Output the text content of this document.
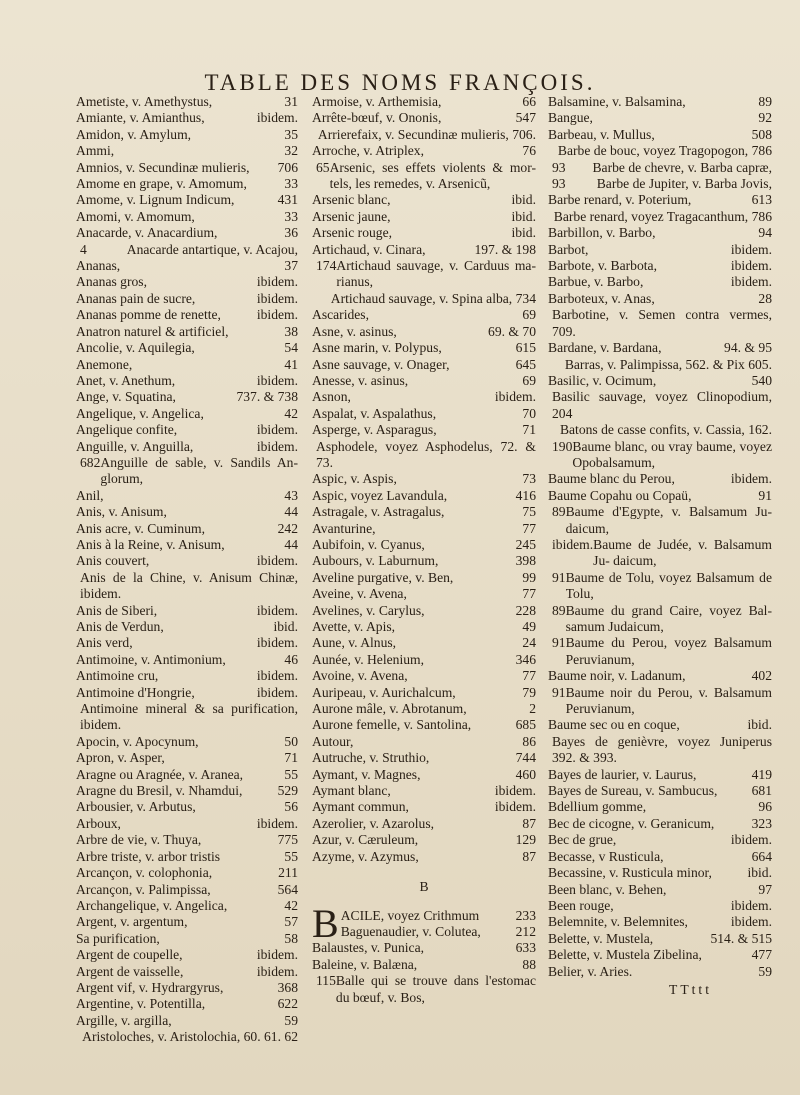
TABLE DES NOMS FRANÇOIS.
Ametiste, v. Amethystus,	31
Amiante, v. Amianthus,	ibidem.
Amidon, v. Amylum,	35
Ammi,	32
Amnios, v. Secundinæ mulieris, 706
Amome en grape, v. Amomum,	33
Amome, v. Lignum Indicum,	431
Amomi, v. Amomum,	33
Anacarde, v. Anacardium,	36
4	Anacarde antartique, v. Acajou,
Ananas,	37
Ananas gros,	ibidem.
Ananas pain de sucre,	ibidem.
Ananas pomme de renette,	ibidem.
Anatron naturel & artificiel,	38
Ancolie, v. Aquilegia,	54
Anemone,	41
Anet, v. Anethum,	ibidem.
Ange, v. Squatina,	737. & 738
Angelique, v. Angelica,	42
Angelique confite,	ibidem.
Anguille, v. Anguilla,	ibidem.
682 Anguille de sable, v. Sandils An- glorum,
Anil,	43
Anis, v. Anisum,	44
Anis acre, v. Cuminum,	242
Anis à la Reine, v. Anisum,	44
Anis couvert,	ibidem.
Anis de la Chine, v. Anisum Chinæ, ibidem.
Anis de Siberi,	ibidem.
Anis de Verdun,	ibid.
Anis verd,	ibidem.
Antimoine, v. Antimonium,	46
Antimoine cru,	ibidem.
Antimoine d'Hongrie,	ibidem.
Antimoine mineral & sa purification, ibidem.
Apocin, v. Apocynum,	50
Apron, v. Asper,	71
Aragne ou Aragnée, v. Aranea,	55
Aragne du Bresil, v. Nhamdui,	529
Arbousier, v. Arbutus,	56
Arboux,	ibidem.
Arbre de vie, v. Thuya,	775
Arbre triste, v. arbor tristis	55
Arcançon, v. colophonia,	211
Arcançon, v. Palimpissa,	564
Archangelique, v. Angelica,	42
Argent, v. argentum,	57
Sa purification,	58
Argent de coupelle,	ibidem.
Argent de vaisselle,	ibidem.
Argent vif, v. Hydrargyrus,	368
Argentine, v. Potentilla,	622
Argille, v. argilla,	59
Aristoloches, v. Aristolochia, 60. 61. 62
Armoise, v. Arthemisia,	66
Arrête-bœuf, v. Ononis,	547
Arrierefaix, v. Secundinæ mulieris, 706.
Arroche, v. Atriplex,	76
65 Arsenic, ses effets violents & mor- tels, les remedes, v. Arsenicũ,
Arsenic blanc,	ibid.
Arsenic jaune,	ibid.
Arsenic rouge,	ibid.
Artichaud, v. Cinara,	197. & 198
174 Artichaud sauvage, v. Carduus ma- rianus,
Artichaud sauvage, v. Spina alba, 734
Ascarides,	69
Asne, v. asinus,	69. & 70
Asne marin, v. Polypus,	615
Asne sauvage, v. Onager,	645
Anesse, v. asinus,	69
Asnon,	ibidem.
Aspalat, v. Aspalathus,	70
Asperge, v. Asparagus,	71
Asphodele, voyez Asphodelus, 72. & 73.
Aspic, v. Aspis,	73
Aspic, voyez Lavandula,	416
Astragale, v. Astragalus,	75
Avanturine,	77
Aubifoin, v. Cyanus,	245
Aubours, v. Laburnum,	398
Aveline purgative, v. Ben,	99
Aveine, v. Avena,	77
Avelines, v. Carylus,	228
Avette, v. Apis,	49
Aune, v. Alnus,	24
Aunée, v. Helenium,	346
Avoine, v. Avena,	77
Auripeau, v. Aurichalcum,	79
Aurone mâle, v. Abrotanum,	2
Aurone femelle, v. Santolina,	685
Autour,	86
Autruche, v. Struthio,	744
Aymant, v. Magnes,	460
Aymant blanc,	ibidem.
Aymant commun,	ibidem.
Azerolier, v. Azarolus,	87
Azur, v. Cæruleum,	129
Azyme, v. Azymus,	87
B
B ACILE, voyez Crithmum	233
Baguenaudier, v. Colutea,	212
Balaustes, v. Punica,	633
Baleine, v. Balæna,	88
115 Balle qui se trouve dans l'estomac du bœuf, v. Bos,
Balsamine, v. Balsamina,	89
Bangue,	92
Barbeau, v. Mullus,	508
Barbe de bouc, voyez Tragopogon, 786
93 Barbe de chevre, v. Barba capræ,
93 Barbe de Jupiter, v. Barba Jovis,
Barbe renard, v. Poterium,	613
Barbe renard, voyez Tragacanthum, 786
Barbillon, v. Barbo,	94
Barbot,	ibidem.
Barbote, v. Barbota,	ibidem.
Barbue, v. Barbo,	ibidem.
Barboteux, v. Anas,	28
Barbotine, v. Semen contra vermes, 709.
Bardane, v. Bardana,	94. & 95
Barras, v. Palimpissa, 562. & Pix 605.
Basilic, v. Ocimum,	540
Basilic sauvage, voyez Clinopodium, 204
Batons de casse confits, v. Cassia, 162.
190 Baume blanc, ou vray baume, voyez Opobalsamum,
Baume blanc du Perou,	ibidem.
Baume Copahu ou Copaü,	91
89 Baume d'Egypte, v. Balsamum Ju- daicum,
ibidem. Baume de Judée, v. Balsamum Ju- daicum,
91 Baume de Tolu, voyez Balsamum de Tolu,
89 Baume du grand Caire, voyez Bal- samum Judaicum,
91 Baume du Perou, voyez Balsamum Peruvianum,
Baume noir, v. Ladanum,	402
91 Baume noir du Perou, v. Balsamum Peruvianum,
Baume sec ou en coque,	ibid.
Bayes de genièvre, voyez Juniperus 392. & 393.
Bayes de laurier, v. Laurus,	419
Bayes de Sureau, v. Sambucus,	681
Bdellium gomme,	96
Bec de cicogne, v. Geranicum,	323
Bec de grue,	ibidem.
Becasse, v Rusticula,	664
Becassine, v. Rusticula minor,	ibid.
Been blanc, v. Behen,	97
Been rouge,	ibidem.
Belemnite, v. Belemnites,	ibidem.
Belette, v. Mustela,	514. & 515
Belette, v. Mustela Zibelina,	477
Belier, v. Aries.	59
TTttt
